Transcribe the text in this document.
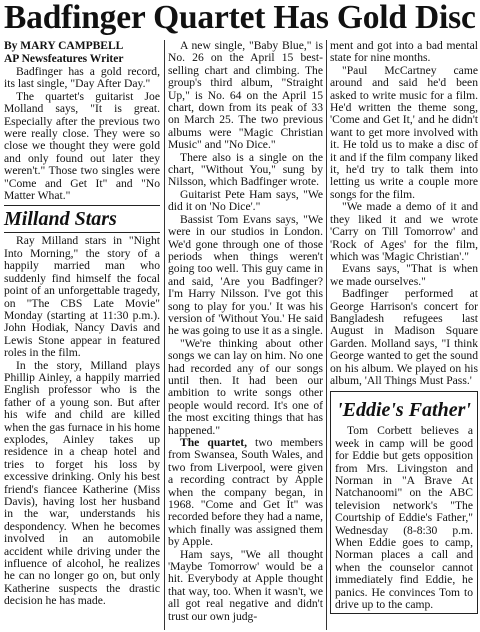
Badfinger Quartet Has Gold Disc

By MARY CAMPBELL

AP Newsfeatures Writer

Badfinger has a gold record, its last single, "Day After Day."

The quartet's guitarist Joe Molland says, "It is great. Especially after the previous two were really close. They were so close we thought they were gold and only found out later they weren't." Those two singles were "Come and Get It" and "No Matter What."

Milland Stars

Ray Milland stars in "Night Into Morning," the story of a happily married man who suddenly find himself the focal point of an unforgettable tragedy, on "The CBS Late Movie" Monday (starting at 11:30 p.m.). John Hodiak, Nancy Davis and Lewis Stone appear in featured roles in the film.

In the story, Milland plays Phillip Ainley, a happily married English professor who is the father of a young son. But after his wife and child are killed when the gas furnace in his home explodes, Ainley takes up residence in a cheap hotel and tries to forget his loss by excessive drinking. Only his best friend's fiancee Katherine (Miss Davis), having lost her husband in the war, understands his despondency. When he becomes involved in an automobile accident while driving under the influence of alcohol, he realizes he can no longer go on, but only Katherine suspects the drastic decision he has made.

A new single, "Baby Blue," is No. 26 on the April 15 best-selling chart and climbing. The group's third album, "Straight Up," is No. 64 on the April 15 chart, down from its peak of 33 on March 25. The two previous albums were "Magic Christian Music" and "No Dice."

There also is a single on the chart, "Without You," sung by Nilsson, which Badfinger wrote.

Guitarist Pete Ham says, "We did it on 'No Dice'."

Bassist Tom Evans says, "We were in our studios in London. We'd gone through one of those periods when things weren't going too well. This guy came in and said, 'Are you Badfinger? I'm Harry Nilsson. I've got this song to play for you.' It was his version of 'Without You.' He said he was going to use it as a single.

"We're thinking about other songs we can lay on him. No one had recorded any of our songs until then. It had been our ambition to write songs other people would record. It's one of the most exciting things that has happened."

The quartet, two members from Swansea, South Wales, and two from Liverpool, were given a recording contract by Apple when the company began, in 1968. "Come and Get It" was recorded before they had a name, which finally was assigned them by Apple.

Ham says, "We all thought 'Maybe Tomorrow' would be a hit. Everybody at Apple thought that way, too. When it wasn't, we all got real negative and didn't trust our own judg-

ment and got into a bad mental state for nine months.

"Paul McCartney came around and said he'd been asked to write music for a film. He'd written the theme song, 'Come and Get It,' and he didn't want to get more involved with it. He told us to make a disc of it and if the film company liked it, he'd try to talk them into letting us write a couple more songs for the film.

"We made a demo of it and they liked it and we wrote 'Carry on Till Tomorrow' and 'Rock of Ages' for the film, which was 'Magic Christian'."

Evans says, "That is when we made ourselves."

Badfinger performed at George Harrison's concert for Bangladesh refugees last August in Madison Square Garden. Molland says, "I think George wanted to get the sound on his album. We played on his album, 'All Things Must Pass.'

'Eddie's Father'

Tom Corbett believes a week in camp will be good for Eddie but gets opposition from Mrs. Livingston and Norman in "A Brave At Natchanoomi" on the ABC television network's "The Courtship of Eddie's Father," Wednesday (8-8:30 p.m. When Eddie goes to camp, Norman places a call and when the counselor cannot immediately find Eddie, he panics. He convinces Tom to drive up to the camp.
